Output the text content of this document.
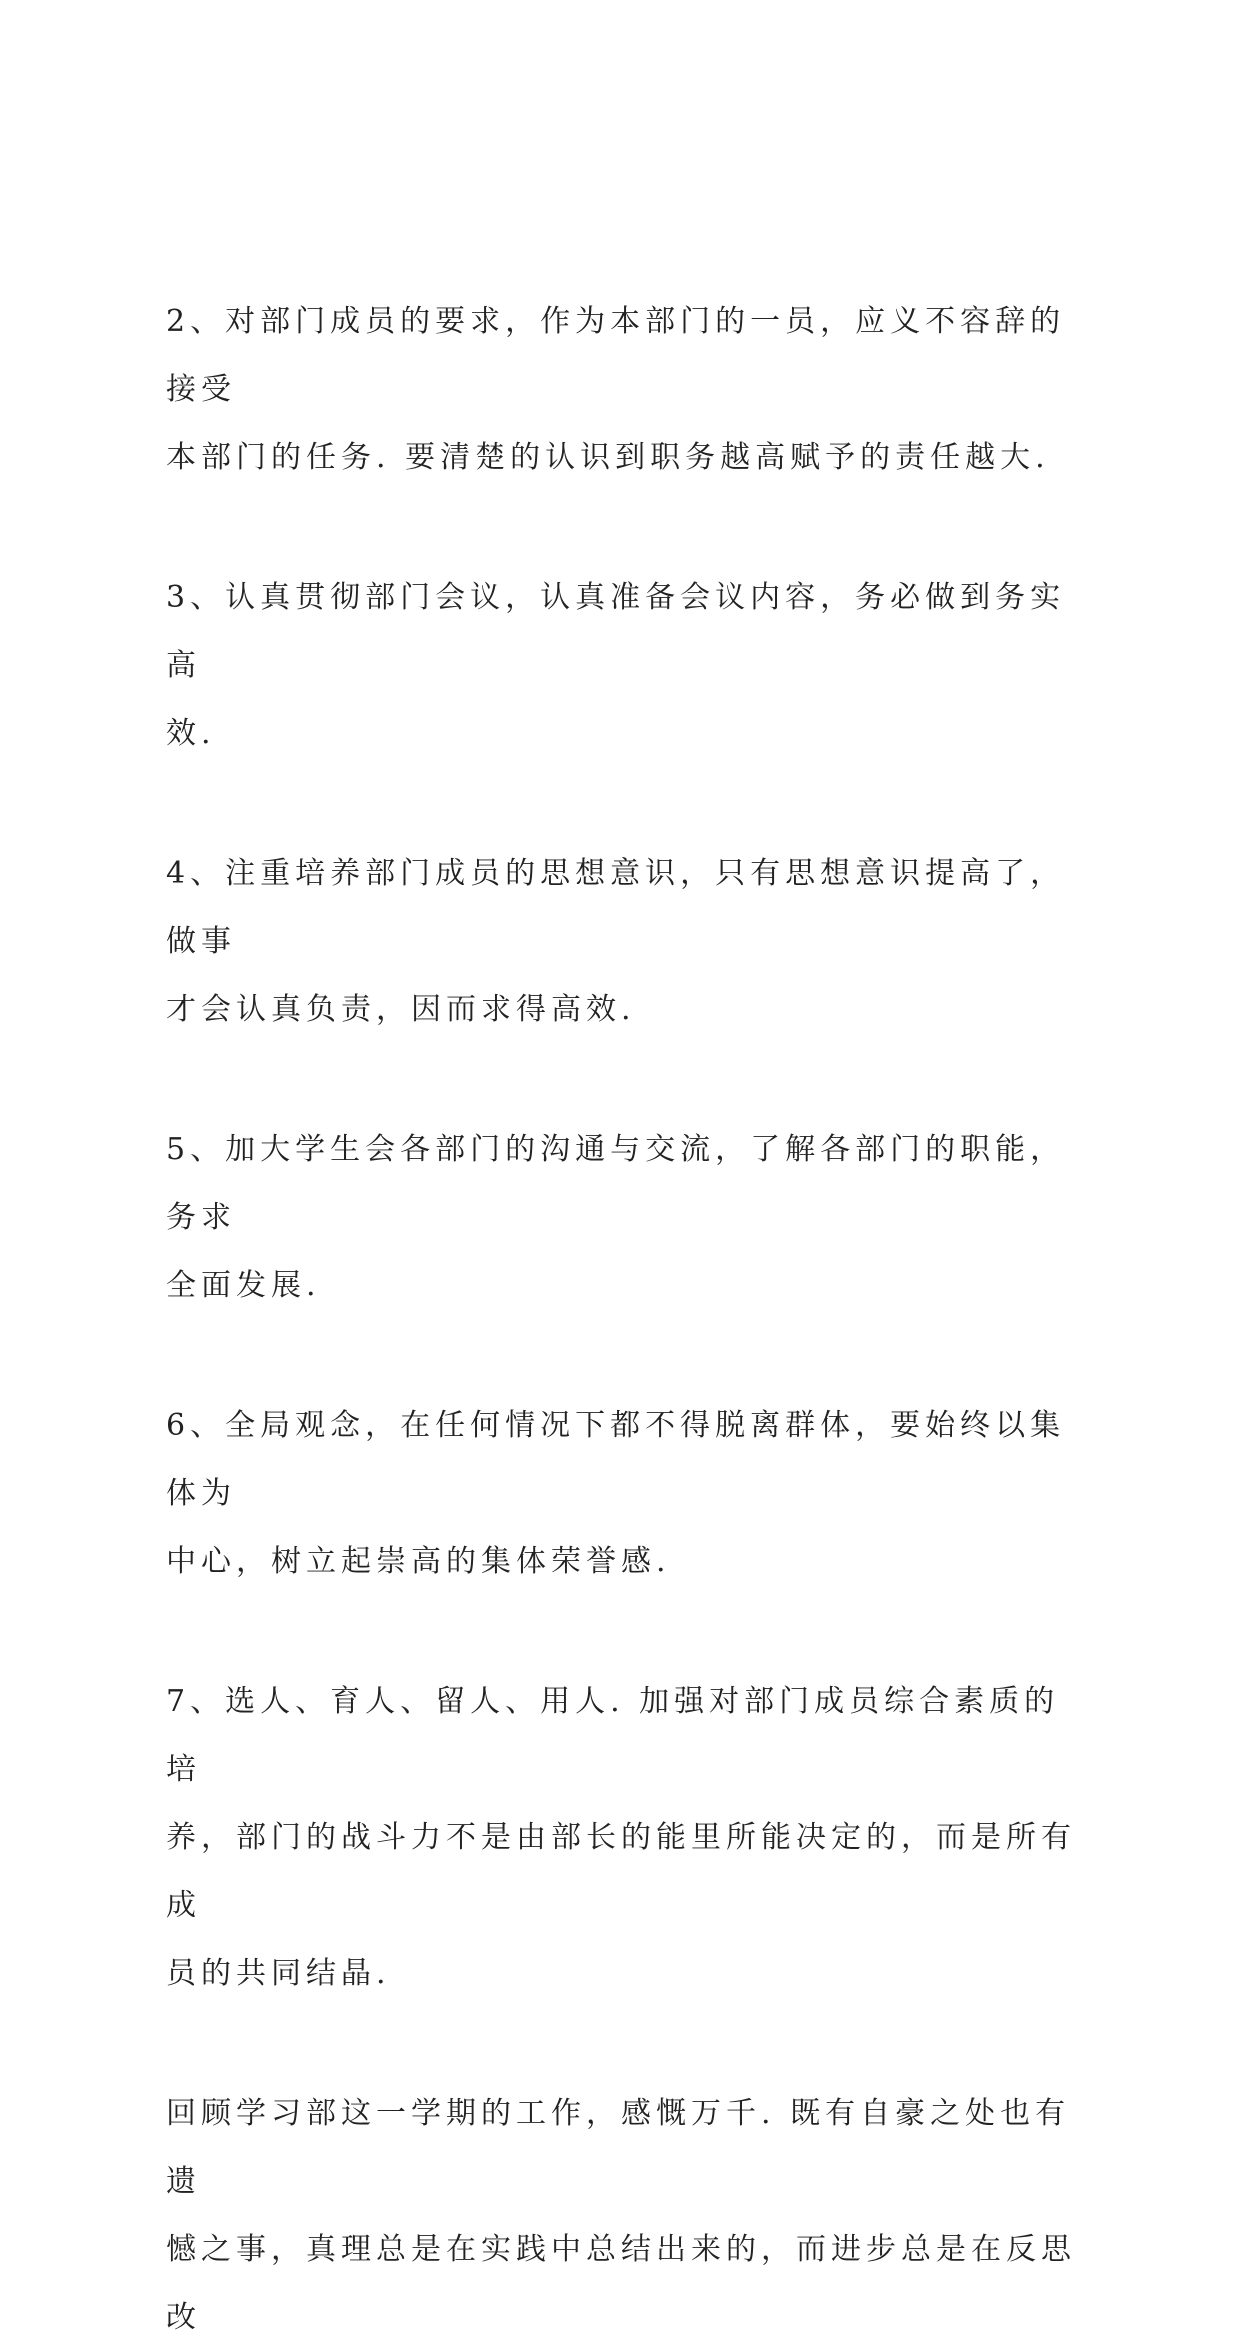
2、对部门成员的要求，作为本部门的一员，应义不容辞的接受
本部门的任务. 要清楚的认识到职务越高赋予的责任越大.

3、认真贯彻部门会议，认真准备会议内容，务必做到务实高
效.

4、注重培养部门成员的思想意识，只有思想意识提高了，做事
才会认真负责，因而求得高效.

5、加大学生会各部门的沟通与交流，了解各部门的职能，务求
全面发展.

6、全局观念，在任何情况下都不得脱离群体，要始终以集体为
中心，树立起崇高的集体荣誉感.

7、选人、育人、留人、用人. 加强对部门成员综合素质的培
养，部门的战斗力不是由部长的能里所能决定的，而是所有成
员的共同结晶.

回顾学习部这一学期的工作，感慨万千. 既有自豪之处也有遗
憾之事，真理总是在实践中总结出来的，而进步总是在反思改
